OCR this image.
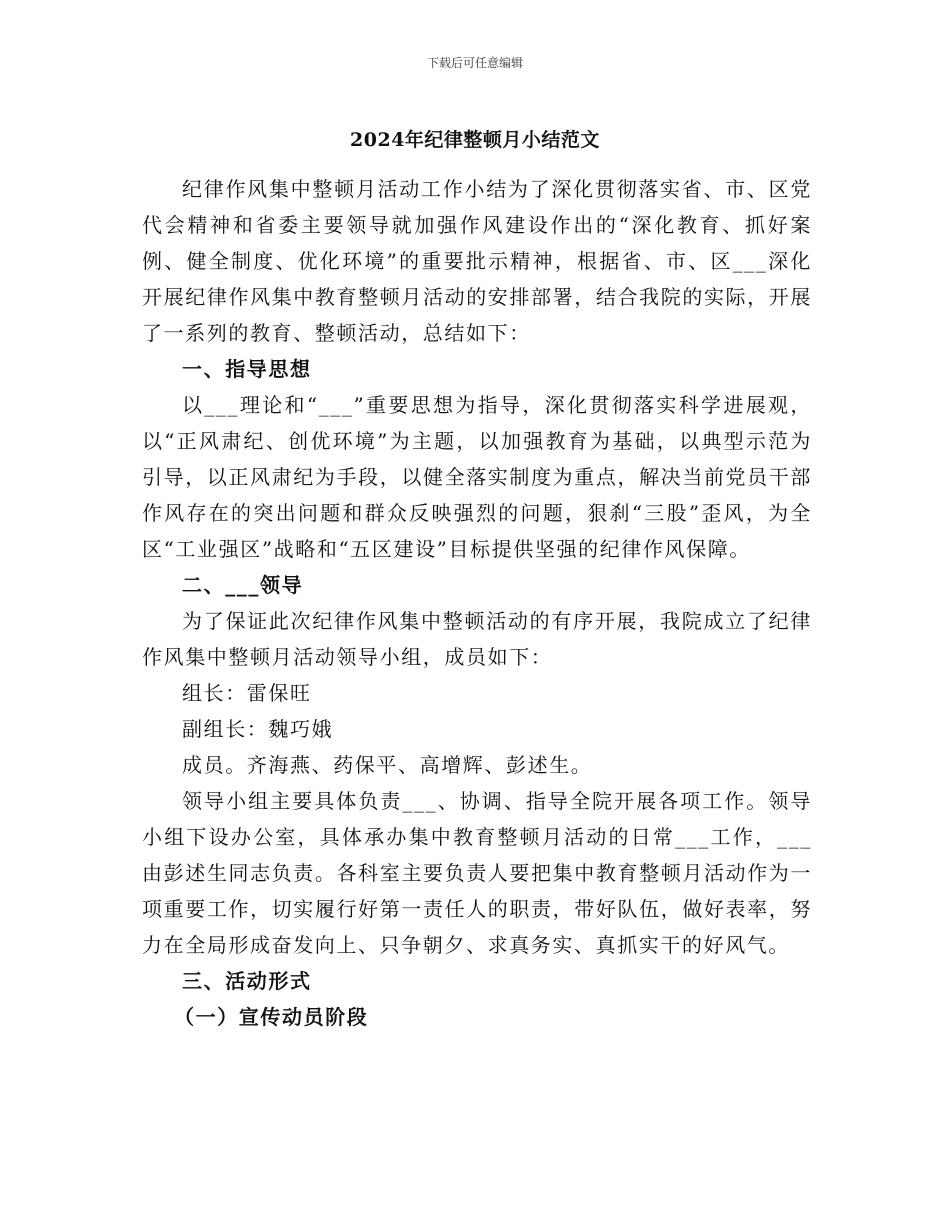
下载后可任意编辑
2024年纪律整顿月小结范文

纪律作风集中整顿月活动工作小结为了深化贯彻落实省、市、区党代会精神和省委主要领导就加强作风建设作出的“深化教育、抓好案例、健全制度、优化环境”的重要批示精神，根据省、市、区___深化开展纪律作风集中教育整顿月活动的安排部署，结合我院的实际，开展了一系列的教育、整顿活动，总结如下：

一、指导思想

以___理论和“___”重要思想为指导，深化贯彻落实科学进展观，以“正风肃纪、创优环境”为主题，以加强教育为基础，以典型示范为引导，以正风肃纪为手段，以健全落实制度为重点，解决当前党员干部作风存在的突出问题和群众反映强烈的问题，狠刹“三股”歪风，为全区“工业强区”战略和“五区建设”目标提供坚强的纪律作风保障。

二、___领导

为了保证此次纪律作风集中整顿活动的有序开展，我院成立了纪律作风集中整顿月活动领导小组，成员如下：

组长：雷保旺

副组长：魏巧娥

成员。齐海燕、药保平、高增辉、彭述生。

领导小组主要具体负责___、协调、指导全院开展各项工作。领导小组下设办公室，具体承办集中教育整顿月活动的日常___工作，___由彭述生同志负责。各科室主要负责人要把集中教育整顿月活动作为一项重要工作，切实履行好第一责任人的职责，带好队伍，做好表率，努力在全局形成奋发向上、只争朝夕、求真务实、真抓实干的好风气。

三、活动形式

（一）宣传动员阶段
